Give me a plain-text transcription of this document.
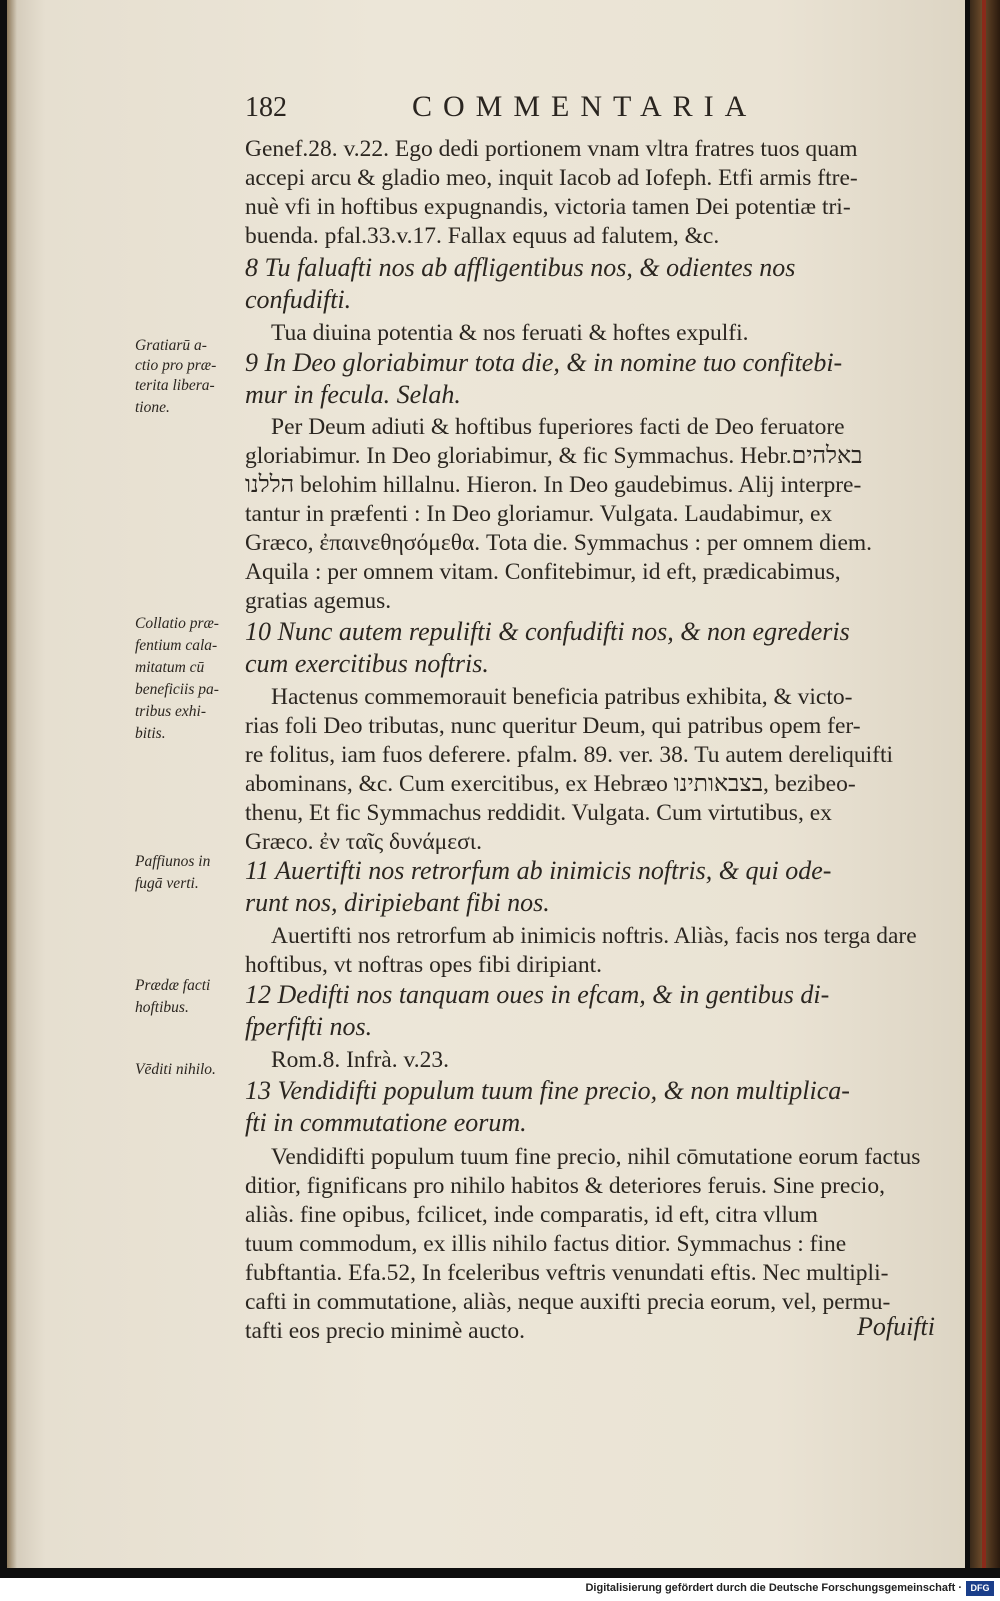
182	COMMENTARIA
Gratiarū a-
ctio pro præ-
terita libera-
tione.
Collatio præ-
fentium cala-
mitatum cū
beneficiis pa-
tribus exhi-
bitis.
Paffiunos in
fugā verti.
Prædæ facti
hoftibus.
Vēditi nihilo.
Genef.28. v.22. Ego dedi portionem vnam vltra fratres tuos quam
accepi arcu & gladio meo, inquit Iacob ad Iofeph. Etfi armis ftre-
nuè vfi in hoftibus expugnandis, victoria tamen Dei potentiæ tri-
buenda. pfal.33.v.17. Fallax equus ad falutem, &c.
8 Tu faluafti nos ab affligentibus nos, & odientes nos
confudifti.
Tua diuina potentia & nos feruati & hoftes expulfi.
9 In Deo gloriabimur tota die, & in nomine tuo confitebi-
mur in fecula. Selah.
Per Deum adiuti & hoftibus fuperiores facti de Deo feruatore
gloriabimur. In Deo gloriabimur, & fic Symmachus. Hebr.באלהים
הללנו belohim hillalnu. Hieron. In Deo gaudebimus. Alij interpre-
tantur in præfenti : In Deo gloriamur. Vulgata. Laudabimur, ex
Græco, ἐπαινεθησόμεθα. Tota die. Symmachus : per omnem diem.
Aquila : per omnem vitam. Confitebimur, id eft, prædicabimus,
gratias agemus.
10 Nunc autem repulifti & confudifti nos, & non egrederis
cum exercitibus noftris.
Hactenus commemorauit beneficia patribus exhibita, & victo-
rias foli Deo tributas, nunc queritur Deum, qui patribus opem fer-
re folitus, iam fuos deferere. pfalm. 89. ver. 38. Tu autem dereliquifti
abominans, &c. Cum exercitibus, ex Hebræo בצבאותינו, bezibeo-
thenu, Et fic Symmachus reddidit. Vulgata. Cum virtutibus, ex
Græco. ἐν ταῖς δυνάμεσι.
11 Auertifti nos retrorfum ab inimicis noftris, & qui ode-
runt nos, diripiebant fibi nos.
Auertifti nos retrorfum ab inimicis noftris. Aliàs, facis nos terga dare
hoftibus, vt noftras opes fibi diripiant.
12 Dedifti nos tanquam oues in efcam, & in gentibus di-
fperfifti nos.
Rom.8. Infrà. v.23.
13 Vendidifti populum tuum fine precio, & non multiplica-
fti in commutatione eorum.
Vendidifti populum tuum fine precio, nihil cōmutatione eorum factus
ditior, fignificans pro nihilo habitos & deteriores feruis. Sine precio,
aliàs. fine opibus, fcilicet, inde comparatis, id eft, citra vllum
tuum commodum, ex illis nihilo factus ditior. Symmachus : fine
fubftantia. Efa.52, In fceleribus veftris venundati eftis. Nec multipli-
cafti in commutatione, aliàs, neque auxifti precia eorum, vel, permu-
tafti eos precio minimè aucto.	Pofuifti
Digitalisierung gefördert durch die Deutsche Forschungsgemeinschaft · DFG
